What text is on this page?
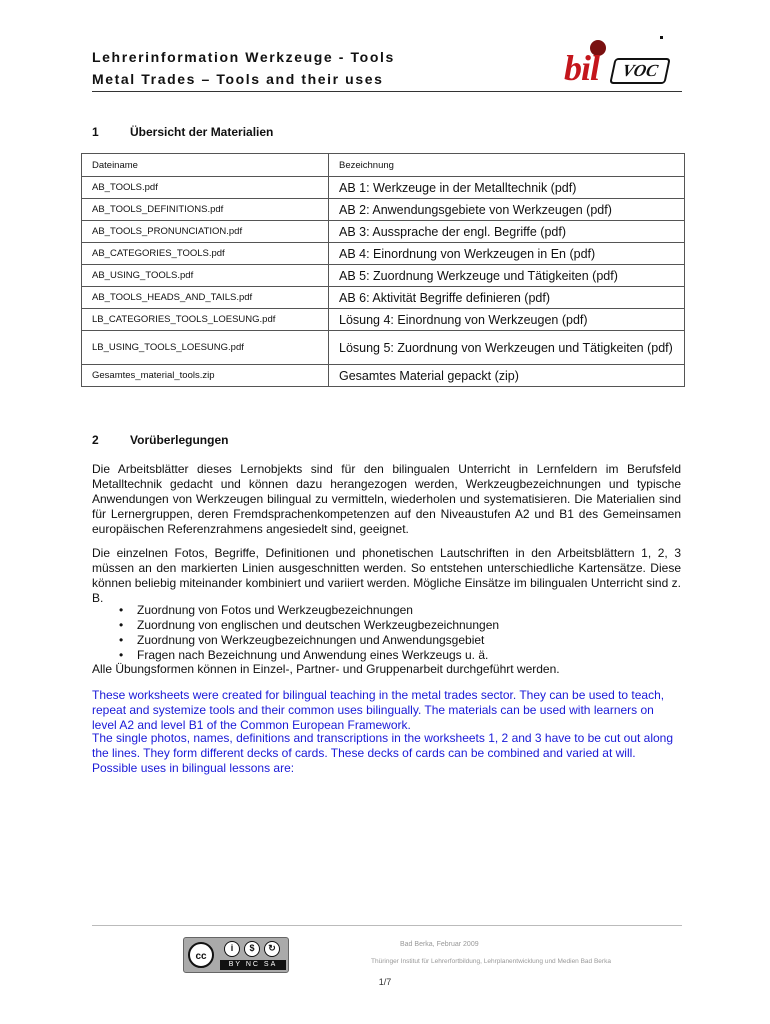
Lehrerinformation Werkzeuge - Tools
Metal Trades – Tools and their uses	bil	VOC
1	Übersicht der Materialien
Dateiname	Bezeichnung
AB_TOOLS.pdf	AB 1: Werkzeuge in der Metalltechnik (pdf)
AB_TOOLS_DEFINITIONS.pdf	AB 2: Anwendungsgebiete von Werkzeugen (pdf)
AB_TOOLS_PRONUNCIATION.pdf	AB 3: Aussprache der engl. Begriffe (pdf)
AB_CATEGORIES_TOOLS.pdf	AB 4: Einordnung von Werkzeugen in En (pdf)
AB_USING_TOOLS.pdf	AB 5: Zuordnung Werkzeuge und Tätigkeiten (pdf)
AB_TOOLS_HEADS_AND_TAILS.pdf	AB 6: Aktivität Begriffe definieren (pdf)
LB_CATEGORIES_TOOLS_LOESUNG.pdf	Lösung 4: Einordnung von Werkzeugen (pdf)
LB_USING_TOOLS_LOESUNG.pdf	Lösung 5: Zuordnung von Werkzeugen und Tätigkeiten (pdf)
Gesamtes_material_tools.zip	Gesamtes Material gepackt (zip)
2	Vorüberlegungen
Die Arbeitsblätter dieses Lernobjekts sind für den bilingualen Unterricht in Lernfeldern im Berufsfeld Metalltechnik gedacht und können dazu herangezogen werden, Werkzeugbezeichnungen und typische Anwendungen von Werkzeugen bilingual zu vermitteln, wiederholen und systematisieren. Die Materialien sind für Lernergruppen, deren Fremdsprachenkompetenzen auf den Niveaustufen A2 und B1 des Gemeinsamen europäischen Referenzrahmens angesiedelt sind, geeignet.
Die einzelnen Fotos, Begriffe, Definitionen und phonetischen Lautschriften in den Arbeitsblättern 1, 2, 3 müssen an den markierten Linien ausgeschnitten werden. So entstehen unterschiedliche Kartensätze. Diese können beliebig miteinander kombiniert und variiert werden. Mögliche Einsätze im bilingualen Unterricht sind z. B.
• Zuordnung von Fotos und Werkzeugbezeichnungen
• Zuordnung von englischen und deutschen Werkzeugbezeichnungen
• Zuordnung von Werkzeugbezeichnungen und Anwendungsgebiet
• Fragen nach Bezeichnung und Anwendung eines Werkzeugs u. ä.
Alle Übungsformen können in Einzel-, Partner- und Gruppenarbeit durchgeführt werden.
These worksheets were created for bilingual teaching in the metal trades sector. They can be used to teach, repeat and systemize tools and their common uses bilingually. The materials can be used with learners on level A2 and level B1 of the Common European Framework.
The single photos, names, definitions and transcriptions in the worksheets 1, 2 and 3 have to be cut out along the lines. They form different decks of cards. These decks of cards can be combined and varied at will. Possible uses in bilingual lessons are:
cc
i	$	↻
BY NC SA
Bad Berka, Februar 2009
Thüringer Institut für Lehrerfortbildung, Lehrplanentwicklung und Medien Bad Berka
1/7
